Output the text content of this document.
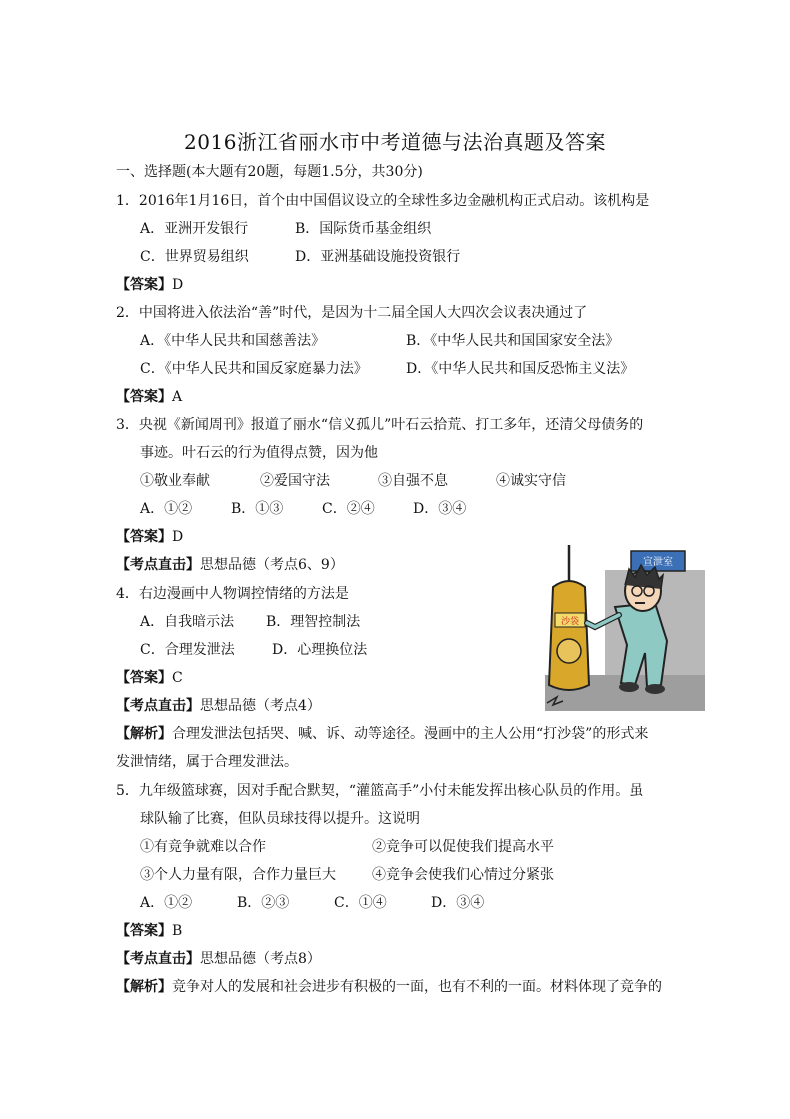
2016浙江省丽水市中考道德与法治真题及答案
一、选择题(本大题有20题，每题1.5分，共30分)
1．2016年1月16日，首个由中国倡议设立的全球性多边金融机构正式启动。该机构是
A．亚洲开发银行	B．国际货币基金组织
C．世界贸易组织	D．亚洲基础设施投资银行
【答案】D
2．中国将进入依法治“善”时代，是因为十二届全国人大四次会议表决通过了
A．《中华人民共和国慈善法》	B．《中华人民共和国国家安全法》
C．《中华人民共和国反家庭暴力法》	D．《中华人民共和国反恐怖主义法》
【答案】A
3．央视《新闻周刊》报道了丽水“信义孤儿”叶石云拾荒、打工多年，还清父母债务的
事迹。叶石云的行为值得点赞，因为他
①敬业奉献	②爱国守法	③自强不息	④诚实守信
A．①②	B．①③	C．②④	D．③④
【答案】D
【考点直击】思想品德（考点6、9）
4．右边漫画中人物调控情绪的方法是
A．自我暗示法 B．理智控制法
C．合理发泄法	D．心理换位法
【答案】C
【考点直击】思想品德（考点4）
【解析】合理发泄法包括哭、喊、诉、动等途径。漫画中的主人公用“打沙袋”的形式来
发泄情绪，属于合理发泄法。
5．九年级篮球赛，因对手配合默契，“灌篮高手”小付未能发挥出核心队员的作用。虽
球队输了比赛，但队员球技得以提升。这说明
①有竞争就难以合作	②竞争可以促使我们提高水平
③个人力量有限，合作力量巨大	④竞争会使我们心情过分紧张
A．①②	B．②③	C．①④	D．③④
【答案】B
【考点直击】思想品德（考点8）
【解析】竞争对人的发展和社会进步有积极的一面，也有不利的一面。材料体现了竞争的
宣泄室
沙袋
